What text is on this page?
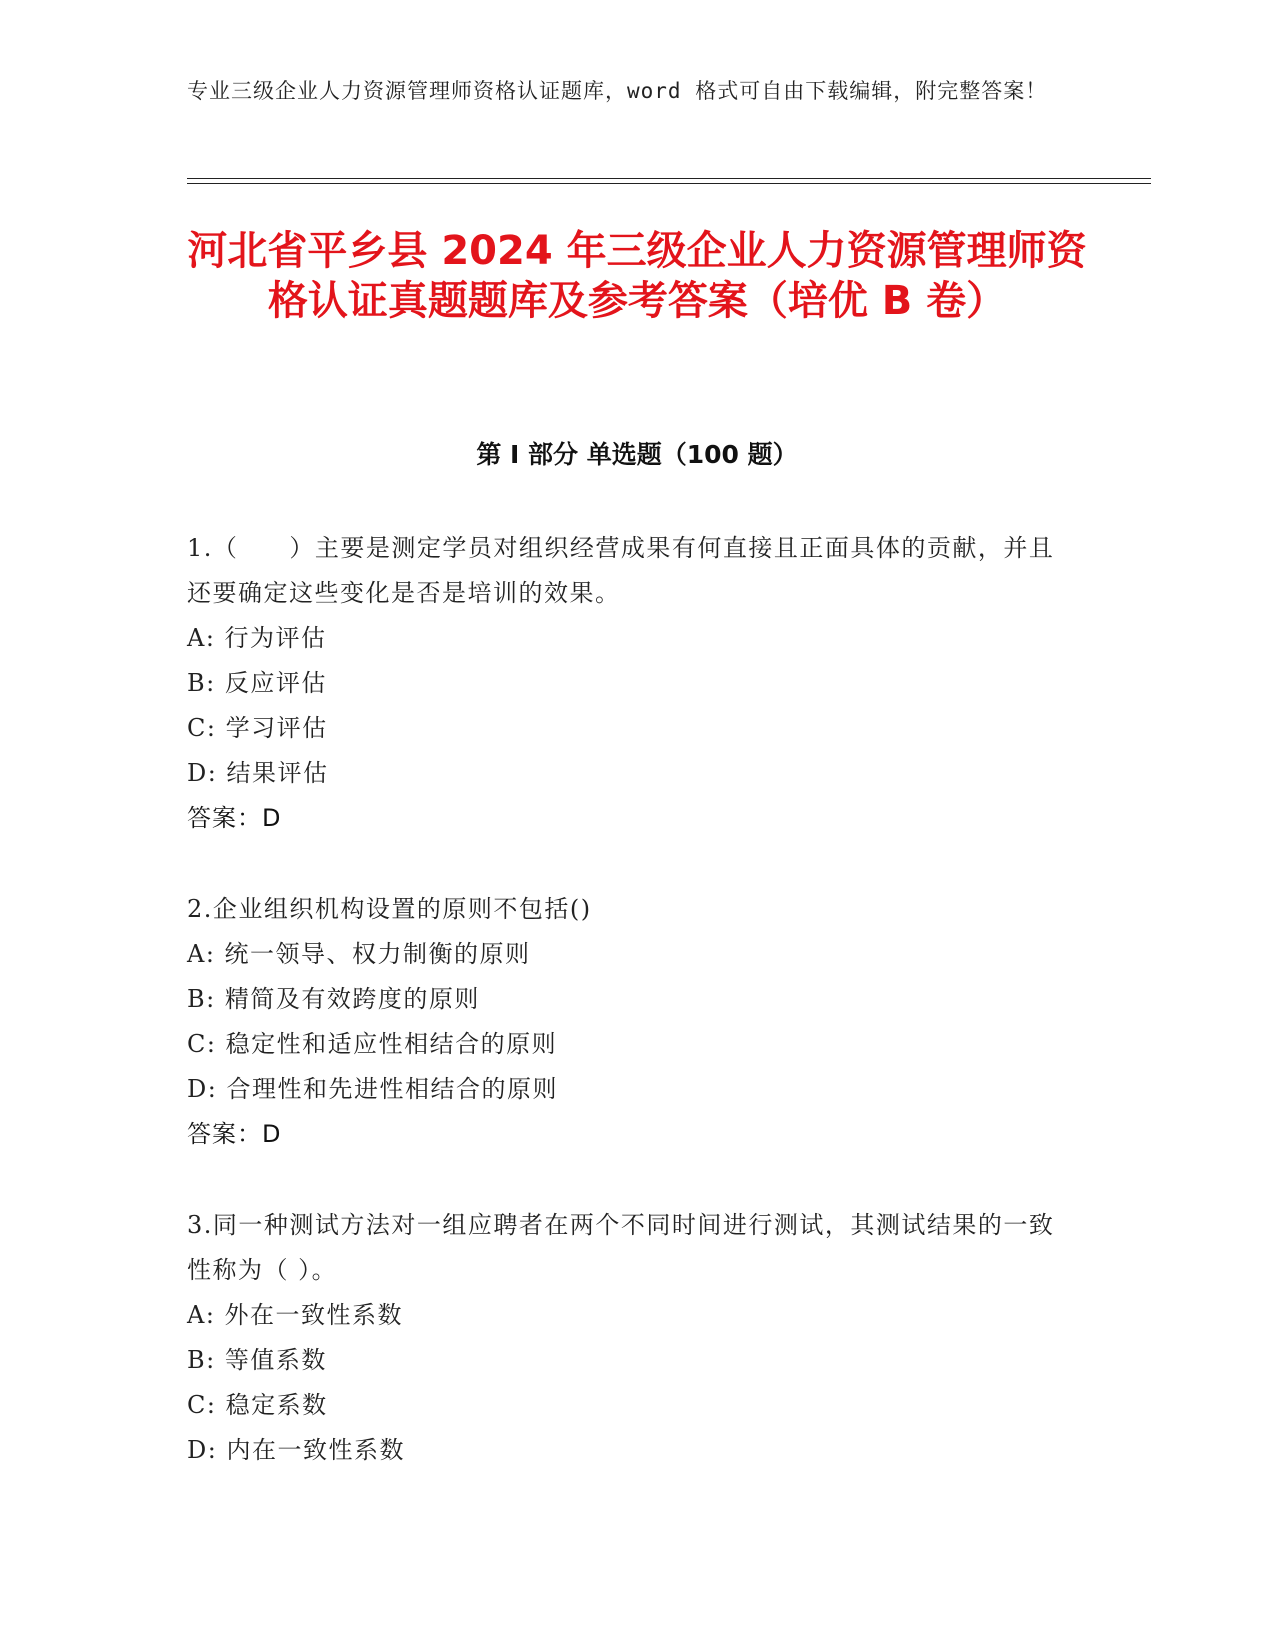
专业三级企业人力资源管理师资格认证题库，word 格式可自由下载编辑，附完整答案！
河北省平乡县 2024 年三级企业人力资源管理师资格认证真题题库及参考答案（培优 B 卷）
第 I 部分 单选题（100 题）

1.（　　）主要是测定学员对组织经营成果有何直接且正面具体的贡献，并且还要确定这些变化是否是培训的效果。

A: 行为评估

B: 反应评估

C: 学习评估

D: 结果评估

答案：D

2.企业组织机构设置的原则不包括()

A: 统一领导、权力制衡的原则

B: 精简及有效跨度的原则

C: 稳定性和适应性相结合的原则

D: 合理性和先进性相结合的原则

答案：D

3.同一种测试方法对一组应聘者在两个不同时间进行测试，其测试结果的一致性称为（ ）。

A: 外在一致性系数

B: 等值系数

C: 稳定系数

D: 内在一致性系数
